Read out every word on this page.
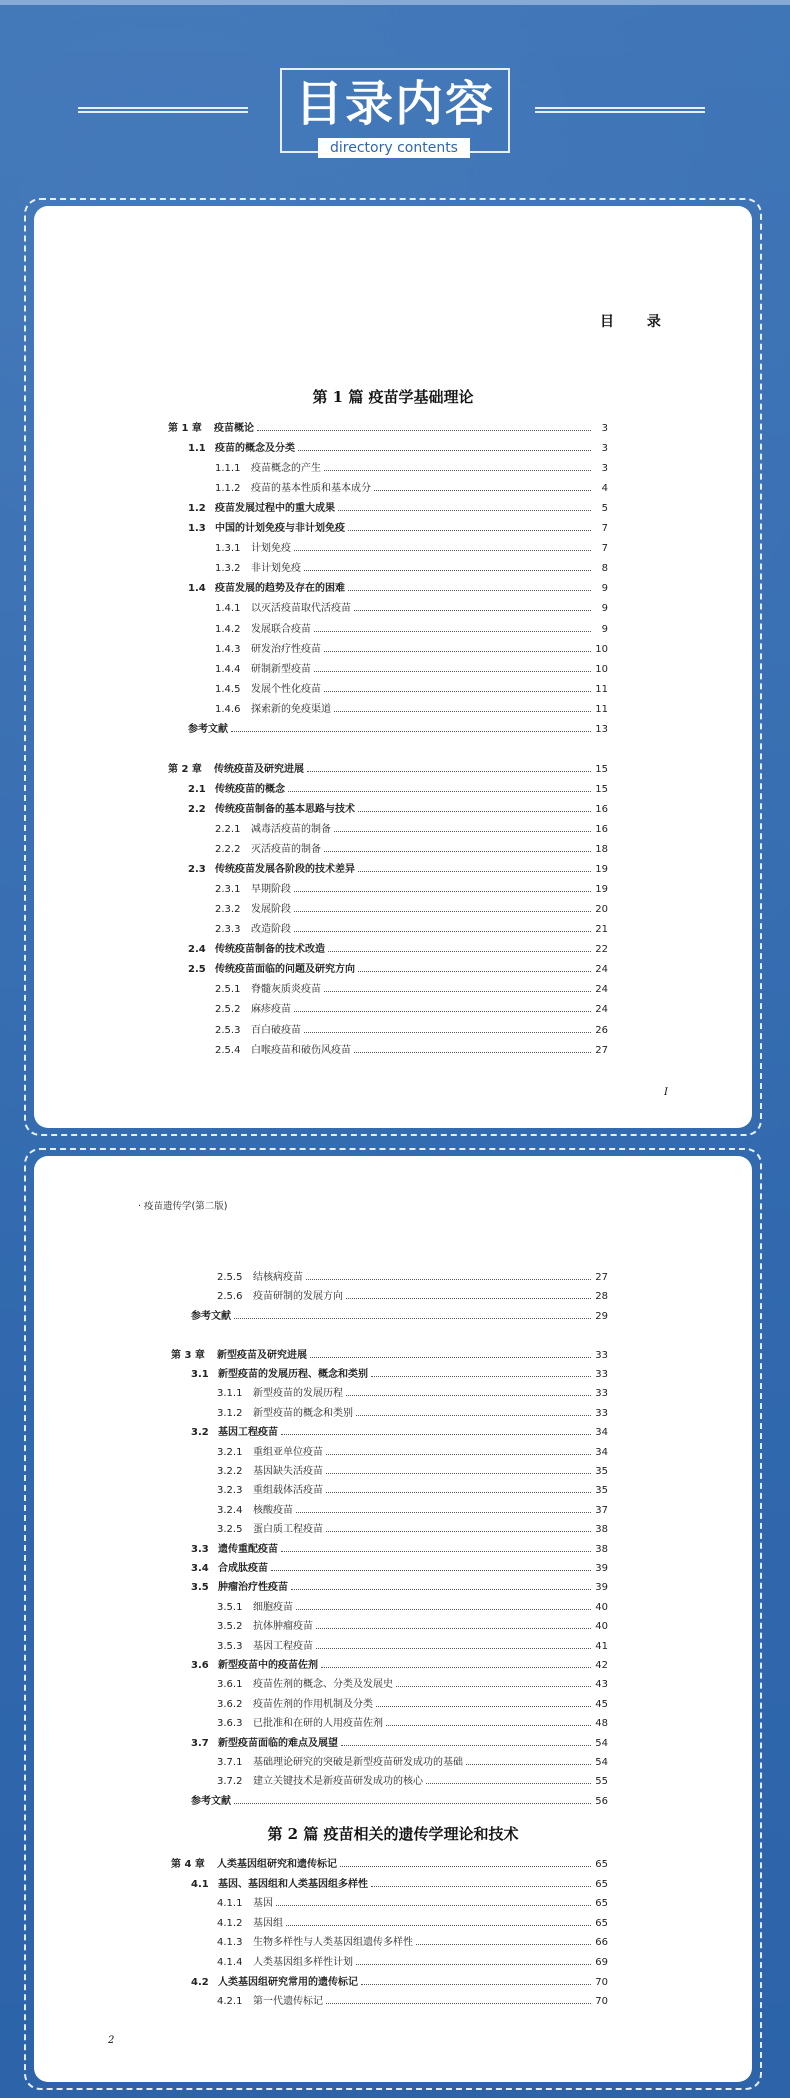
目录内容
directory contents
目 录
第 1 篇 疫苗学基础理论
第 1 章	疫苗概论	3
1.1 疫苗的概念及分类	3
1.1.1	疫苗概念的产生	3
1.1.2	疫苗的基本性质和基本成分	4
1.2 疫苗发展过程中的重大成果	5
1.3 中国的计划免疫与非计划免疫	7
1.3.1	计划免疫	7
1.3.2	非计划免疫	8
1.4 疫苗发展的趋势及存在的困难	9
1.4.1	以灭活疫苗取代活疫苗	9
1.4.2	发展联合疫苗	9
1.4.3	研发治疗性疫苗	10
1.4.4	研制新型疫苗	10
1.4.5	发展个性化疫苗	11
1.4.6	探索新的免疫渠道	11
参考文献	13
第 2 章	传统疫苗及研究进展	15
2.1 传统疫苗的概念	15
2.2 传统疫苗制备的基本思路与技术	16
2.2.1	减毒活疫苗的制备	16
2.2.2	灭活疫苗的制备	18
2.3 传统疫苗发展各阶段的技术差异	19
2.3.1	早期阶段	19
2.3.2	发展阶段	20
2.3.3	改造阶段	21
2.4 传统疫苗制备的技术改造	22
2.5 传统疫苗面临的问题及研究方向	24
2.5.1	脊髓灰质炎疫苗	24
2.5.2	麻疹疫苗	24
2.5.3	百白破疫苗	26
2.5.4	白喉疫苗和破伤风疫苗	27
I
· 疫苗遗传学(第二版)
2.5.5	结核病疫苗	27
2.5.6	疫苗研制的发展方向	28
参考文献	29
第 3 章	新型疫苗及研究进展	33
3.1 新型疫苗的发展历程、概念和类别	33
3.1.1	新型疫苗的发展历程	33
3.1.2	新型疫苗的概念和类别	33
3.2 基因工程疫苗	34
3.2.1	重组亚单位疫苗	34
3.2.2	基因缺失活疫苗	35
3.2.3	重组载体活疫苗	35
3.2.4	核酸疫苗	37
3.2.5	蛋白质工程疫苗	38
3.3 遗传重配疫苗	38
3.4 合成肽疫苗	39
3.5 肿瘤治疗性疫苗	39
3.5.1	细胞疫苗	40
3.5.2	抗体肿瘤疫苗	40
3.5.3	基因工程疫苗	41
3.6 新型疫苗中的疫苗佐剂	42
3.6.1	疫苗佐剂的概念、分类及发展史	43
3.6.2	疫苗佐剂的作用机制及分类	45
3.6.3	已批准和在研的人用疫苗佐剂	48
3.7 新型疫苗面临的难点及展望	54
3.7.1	基础理论研究的突破是新型疫苗研发成功的基础	54
3.7.2	建立关键技术是新疫苗研发成功的核心	55
参考文献	56
第 2 篇 疫苗相关的遗传学理论和技术
第 4 章	人类基因组研究和遗传标记	65
4.1 基因、基因组和人类基因组多样性	65
4.1.1	基因	65
4.1.2	基因组	65
4.1.3	生物多样性与人类基因组遗传多样性	66
4.1.4	人类基因组多样性计划	69
4.2 人类基因组研究常用的遗传标记	70
4.2.1	第一代遗传标记	70
2
